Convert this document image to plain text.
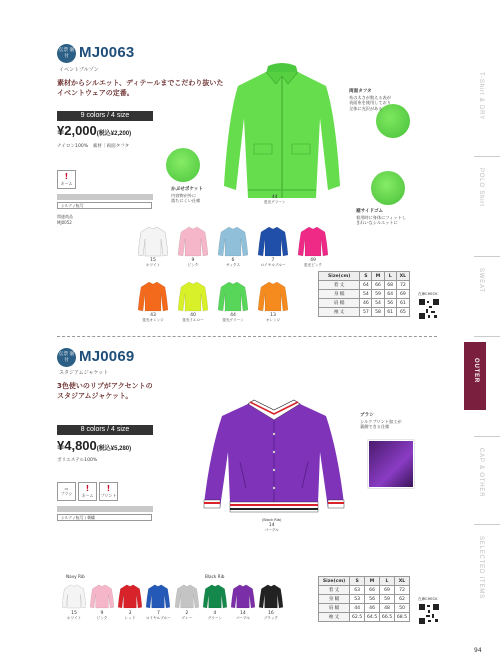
伝票 個付 MJ0063
イベントブルゾン
素材からシルエット、ディテールまでこだわり抜いた
イベントウェアの定番。
9 colors / 4 size
¥2,000(税込¥2,200)
ナイロン100%　素材｜両面タフタ
!
ネーム
シルク / 転写
関連商品
MJ0052
44
蛍光グリーン
両面タフタ
糸の太さが数える表が
表面糸を使用しており
全体に光沢がある
かぶせポケット
内容物が外に
落ちにくい仕様
裾サイドゴム
着用時に身体にフィットし
きれいなシルエットに
15
ホワイト
9
ピンク
6
サックス
7
ロイヤルブルー
49
蛍光ピンク
43
蛍光オレンジ
40
蛍光イエロー
44
蛍光グリーン
13
オレンジ
Size(cm)	S	M	L	XL
着 丈	64	66	68	72
身 幅	54	59	64	69
肩 幅	46	54	56	61
袖 丈	57	58	61	65
在庫CHECK
伝票 個付 MJ0069
スタジアムジャケット
3色使いのリブがアクセントの
スタジアムジャケット。
8 colors / 4 size
¥4,800(税込¥5,280)
ポリエステル100%
▭
プラシ
!
ネーム
!
プリント
シルク / 転写 / 刺繍	(Black Rib)
14
パープル
ブラシ
シルクプリント加工が
裏側できる仕様
Navy Rib	Black Rib
15
ホワイト
9
ピンク
3
レッド
7
ロイヤルブルー
2
グレー
4
グリーン
14
パープル
16
ブラック
Size(cm)	S	M	L	XL
着 丈	63	66	69	72
身 幅	53	56	59	62
肩 幅	44	46	48	50
袖 丈	62.5	64.5	66.5	68.5
在庫CHECK
T-Shirt & DRY
POLO Shirt
SWEAT
OUTER
CAP & OTHER
SELECTED ITEMS
94
